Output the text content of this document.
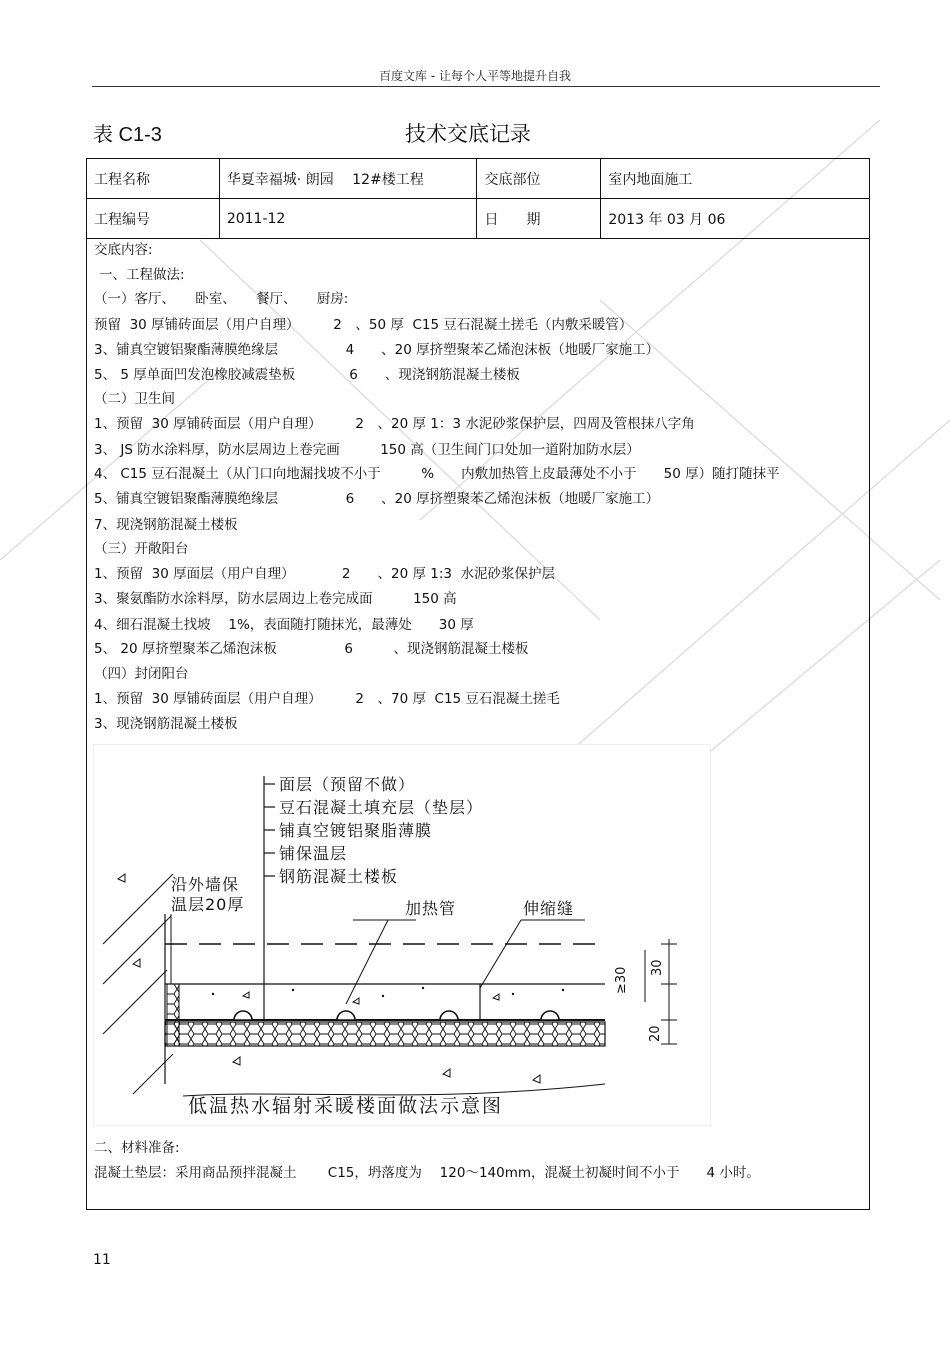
百度文库 - 让每个人平等地提升自我
表 C1-3	技术交底记录
工程名称	华夏幸福城· 朗园　 12#楼工程	交底部位	室内地面施工
工程编号	2011-12	日　　期	2013 年 03 月 06
交底内容:
一、工程做法:
（一）客厅、　　卧室、　　餐厅、　　厨房:
预留  30 厚铺砖面层（用户自理）　　　2　、50 厚  C15 豆石混凝土搓毛（内敷采暖管）
3、铺真空镀铝聚酯薄膜绝缘层　　　　　4　　、20 厚挤塑聚苯乙烯泡沫板（地暖厂家施工）
5、 5 厚单面凹发泡橡胶减震垫板　　　　6　　、现浇钢筋混凝土楼板
（二）卫生间
1、预留  30 厚铺砖面层（用户自理）　　　2　、20 厚 1：3 水泥砂浆保护层，四周及管根抹八字角
3、 JS 防水涂料厚，防水层周边上卷完画　　　150 高（卫生间门口处加一道附加防水层）
4、 C15 豆石混凝土（从门口向地漏找坡不小于　　　%　　内敷加热管上皮最薄处不小于　　50 厚）随打随抹平
5、铺真空镀铝聚酯薄膜绝缘层　　　　　6　　、20 厚挤塑聚苯乙烯泡沫板（地暖厂家施工）
7、现浇钢筋混凝土楼板
（三）开敞阳台
1、预留  30 厚面层（用户自理）　　　　2　　、20 厚 1:3  水泥砂浆保护层
3、聚氨酯防水涂料厚，防水层周边上卷完成面　　　150 高
4、细石混凝土找坡　 1%，表面随打随抹光，最薄处　　30 厚
5、 20 厚挤塑聚苯乙烯泡沫板　　　　　6　　　、现浇钢筋混凝土楼板
（四）封闭阳台
1、预留  30 厚铺砖面层（用户自理）　　　2　、70 厚  C15 豆石混凝土搓毛
3、现浇钢筋混凝土楼板
面层（预留不做）
豆石混凝土填充层（垫层）
铺真空镀铝聚脂薄膜
铺保温层
钢筋混凝土楼板
沿外墙保
温层20厚	加热管	伸缩缝
≥30 30
20
低温热水辐射采暖楼面做法示意图
二、材料准备:
混凝土垫层：采用商品预拌混凝土　　 C15，坍落度为　 120～140mm，混凝土初凝时间不小于　　4 小时。
11
